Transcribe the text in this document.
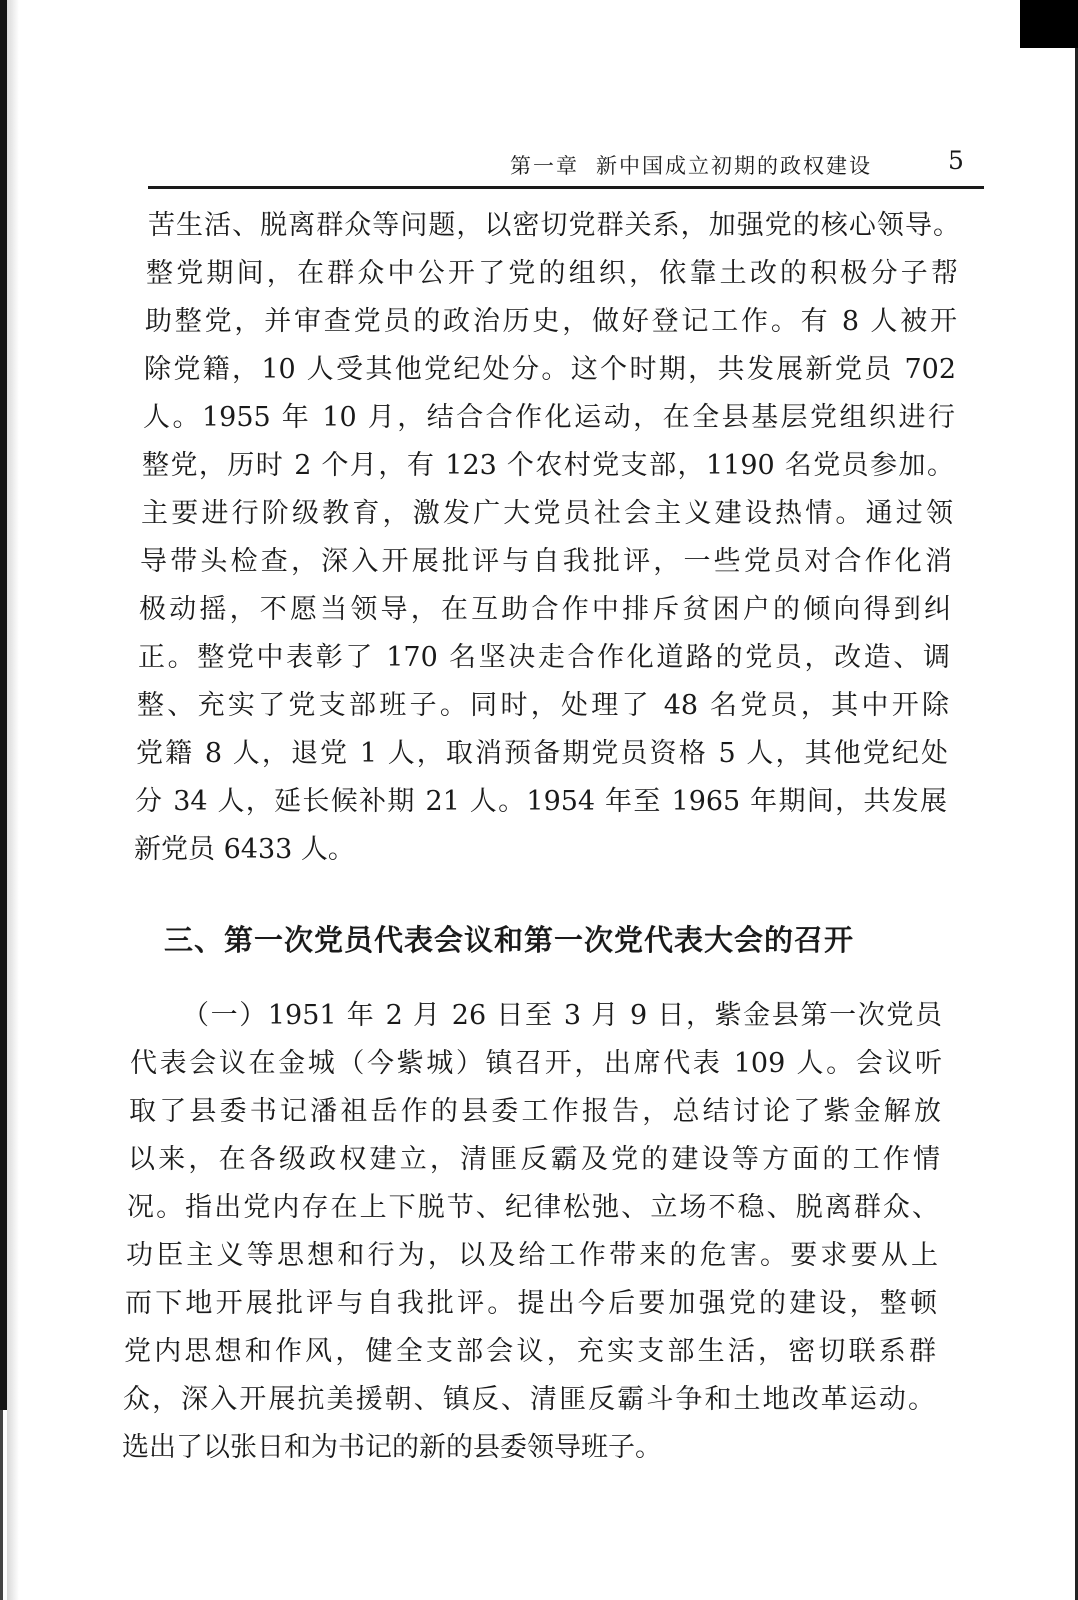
第一章 新中国成立初期的政权建设	5
苦生活、脱离群众等问题，以密切党群关系，加强党的核心领导。
整党期间，在群众中公开了党的组织，依靠土改的积极分子帮
助整党，并审查党员的政治历史，做好登记工作。有 8 人被开
除党籍，10 人受其他党纪处分。这个时期，共发展新党员 702
人。1955 年 10 月，结合合作化运动，在全县基层党组织进行
整党，历时 2 个月，有 123 个农村党支部，1190 名党员参加。
主要进行阶级教育，激发广大党员社会主义建设热情。通过领
导带头检查，深入开展批评与自我批评，一些党员对合作化消
极动摇，不愿当领导，在互助合作中排斥贫困户的倾向得到纠
正。整党中表彰了 170 名坚决走合作化道路的党员，改造、调
整、充实了党支部班子。同时，处理了 48 名党员，其中开除
党籍 8 人，退党 1 人，取消预备期党员资格 5 人，其他党纪处
分 34 人，延长候补期 21 人。1954 年至 1965 年期间，共发展
新党员 6433 人。
三、第一次党员代表会议和第一次党代表大会的召开
（一）1951 年 2 月 26 日至 3 月 9 日，紫金县第一次党员
代表会议在金城（今紫城）镇召开，出席代表 109 人。会议听
取了县委书记潘祖岳作的县委工作报告，总结讨论了紫金解放
以来，在各级政权建立，清匪反霸及党的建设等方面的工作情
况。指出党内存在上下脱节、纪律松弛、立场不稳、脱离群众、
功臣主义等思想和行为，以及给工作带来的危害。要求要从上
而下地开展批评与自我批评。提出今后要加强党的建设，整顿
党内思想和作风，健全支部会议，充实支部生活，密切联系群
众，深入开展抗美援朝、镇反、清匪反霸斗争和土地改革运动。
选出了以张日和为书记的新的县委领导班子。
